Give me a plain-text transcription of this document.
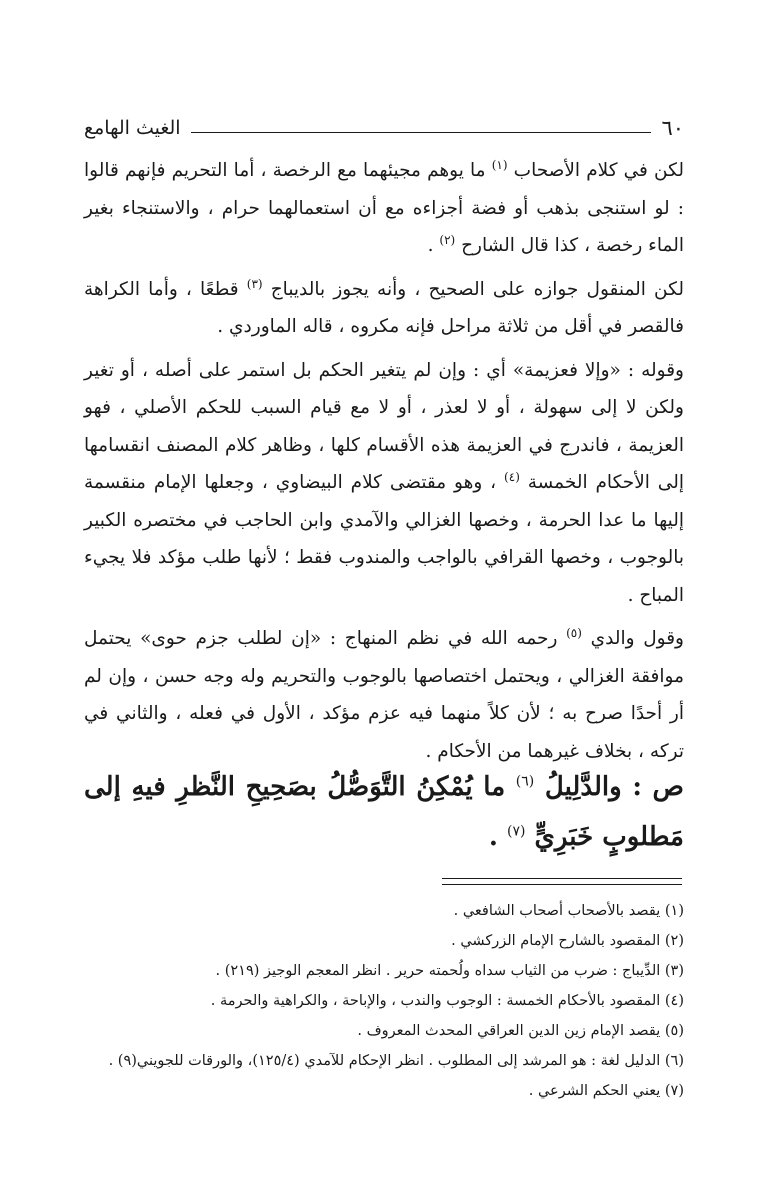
٦٠
الغيث الهامع

لكن في كلام الأصحاب $^{(١)}$ ما يوهم مجيئهما مع الرخصة ، أما التحريم فإنهم قالوا : لو استنجى بذهب أو فضة أجزاءه مع أن استعمالهما حرام ، والاستنجاء بغير الماء رخصة ، كذا قال الشارح $^{(٢)}$ .

لكن المنقول جوازه على الصحيح ، وأنه يجوز بالديباج $^{(٣)}$ قطعًا ، وأما الكراهة فالقصر في أقل من ثلاثة مراحل فإنه مكروه ، قاله الماوردي .

وقوله : «وإلا فعزيمة» أي : وإن لم يتغير الحكم بل استمر على أصله ، أو تغير ولكن لا إلى سهولة ، أو لا لعذر ، أو لا مع قيام السبب للحكم الأصلي ، فهو العزيمة ، فاندرج في العزيمة هذه الأقسام كلها ، وظاهر كلام المصنف انقسامها إلى الأحكام الخمسة $^{(٤)}$ ، وهو مقتضى كلام البيضاوي ، وجعلها الإمام منقسمة إليها ما عدا الحرمة ، وخصها الغزالي والآمدي وابن الحاجب في مختصره الكبير بالوجوب ، وخصها القرافي بالواجب والمندوب فقط ؛ لأنها طلب مؤكد فلا يجيء المباح .

وقول والدي $^{(٥)}$ رحمه الله في نظم المنهاج : «إن لطلب جزم حوى» يحتمل موافقة الغزالي ، ويحتمل اختصاصها بالوجوب والتحريم وله وجه حسن ، وإن لم أر أحدًا صرح به ؛ لأن كلاً منهما فيه عزم مؤكد ، الأول في فعله ، والثاني في تركه ، بخلاف غيرهما من الأحكام .

ص : والدَّلِيلُ $^{(٦)}$ ما يُمْكِنُ التَّوَصُّلُ بصَحِيحِ النَّظرِ فيهِ إلى مَطلوبٍ خَبَرِيٍّ $^{(٧)}$ .
(١) يقصد بالأصحاب أصحاب الشافعي .
(٢) المقصود بالشارح الإمام الزركشي .
(٣) الدِّيباج : ضرب من الثياب سداه ولُحمته حرير . انظر المعجم الوجيز (٢١٩) .
(٤) المقصود بالأحكام الخمسة : الوجوب والندب ، والإباحة ، والكراهية والحرمة .
(٥) يقصد الإمام زين الدين العراقي المحدث المعروف .
(٦) الدليل لغة : هو المرشد إلى المطلوب . انظر الإحكام للآمدي (١٢٥/٤)، والورقات للجويني(٩) .
(٧) يعني الحكم الشرعي .
